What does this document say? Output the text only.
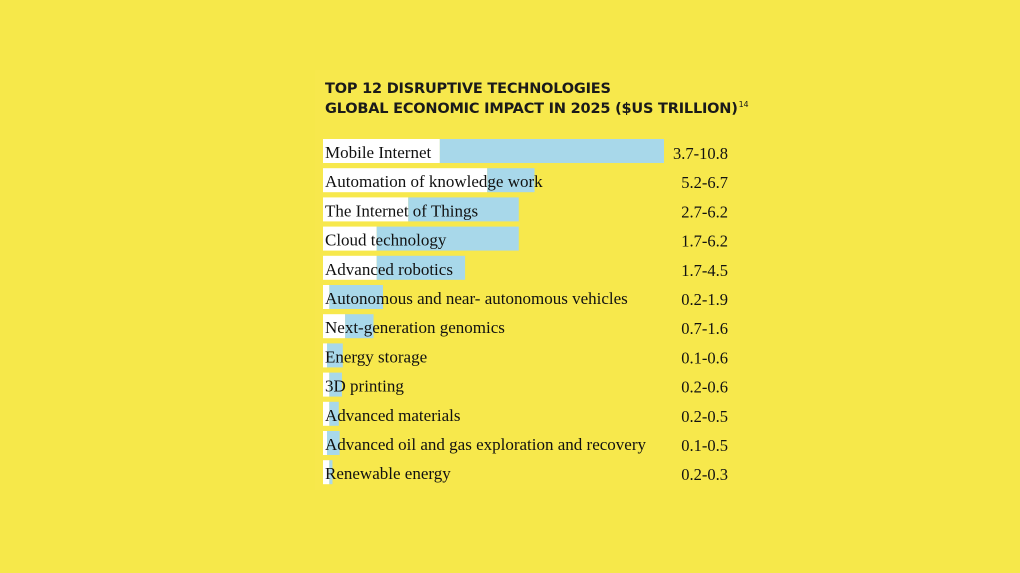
TOP 12 DISRUPTIVE TECHNOLOGIES
GLOBAL ECONOMIC IMPACT IN 2025 ($US TRILLION)$^{14}$
Mobile Internet	3.7-10.8
Automation of knowledge work	5.2-6.7
The Internet of Things	2.7-6.2
Cloud technology	1.7-6.2
Advanced robotics	1.7-4.5
Autonomous and near- autonomous vehicles	0.2-1.9
Next-generation genomics	0.7-1.6
Energy storage	0.1-0.6
3D printing	0.2-0.6
Advanced materials	0.2-0.5
Advanced oil and gas exploration and recovery 0.1-0.5
Renewable energy	0.2-0.3
